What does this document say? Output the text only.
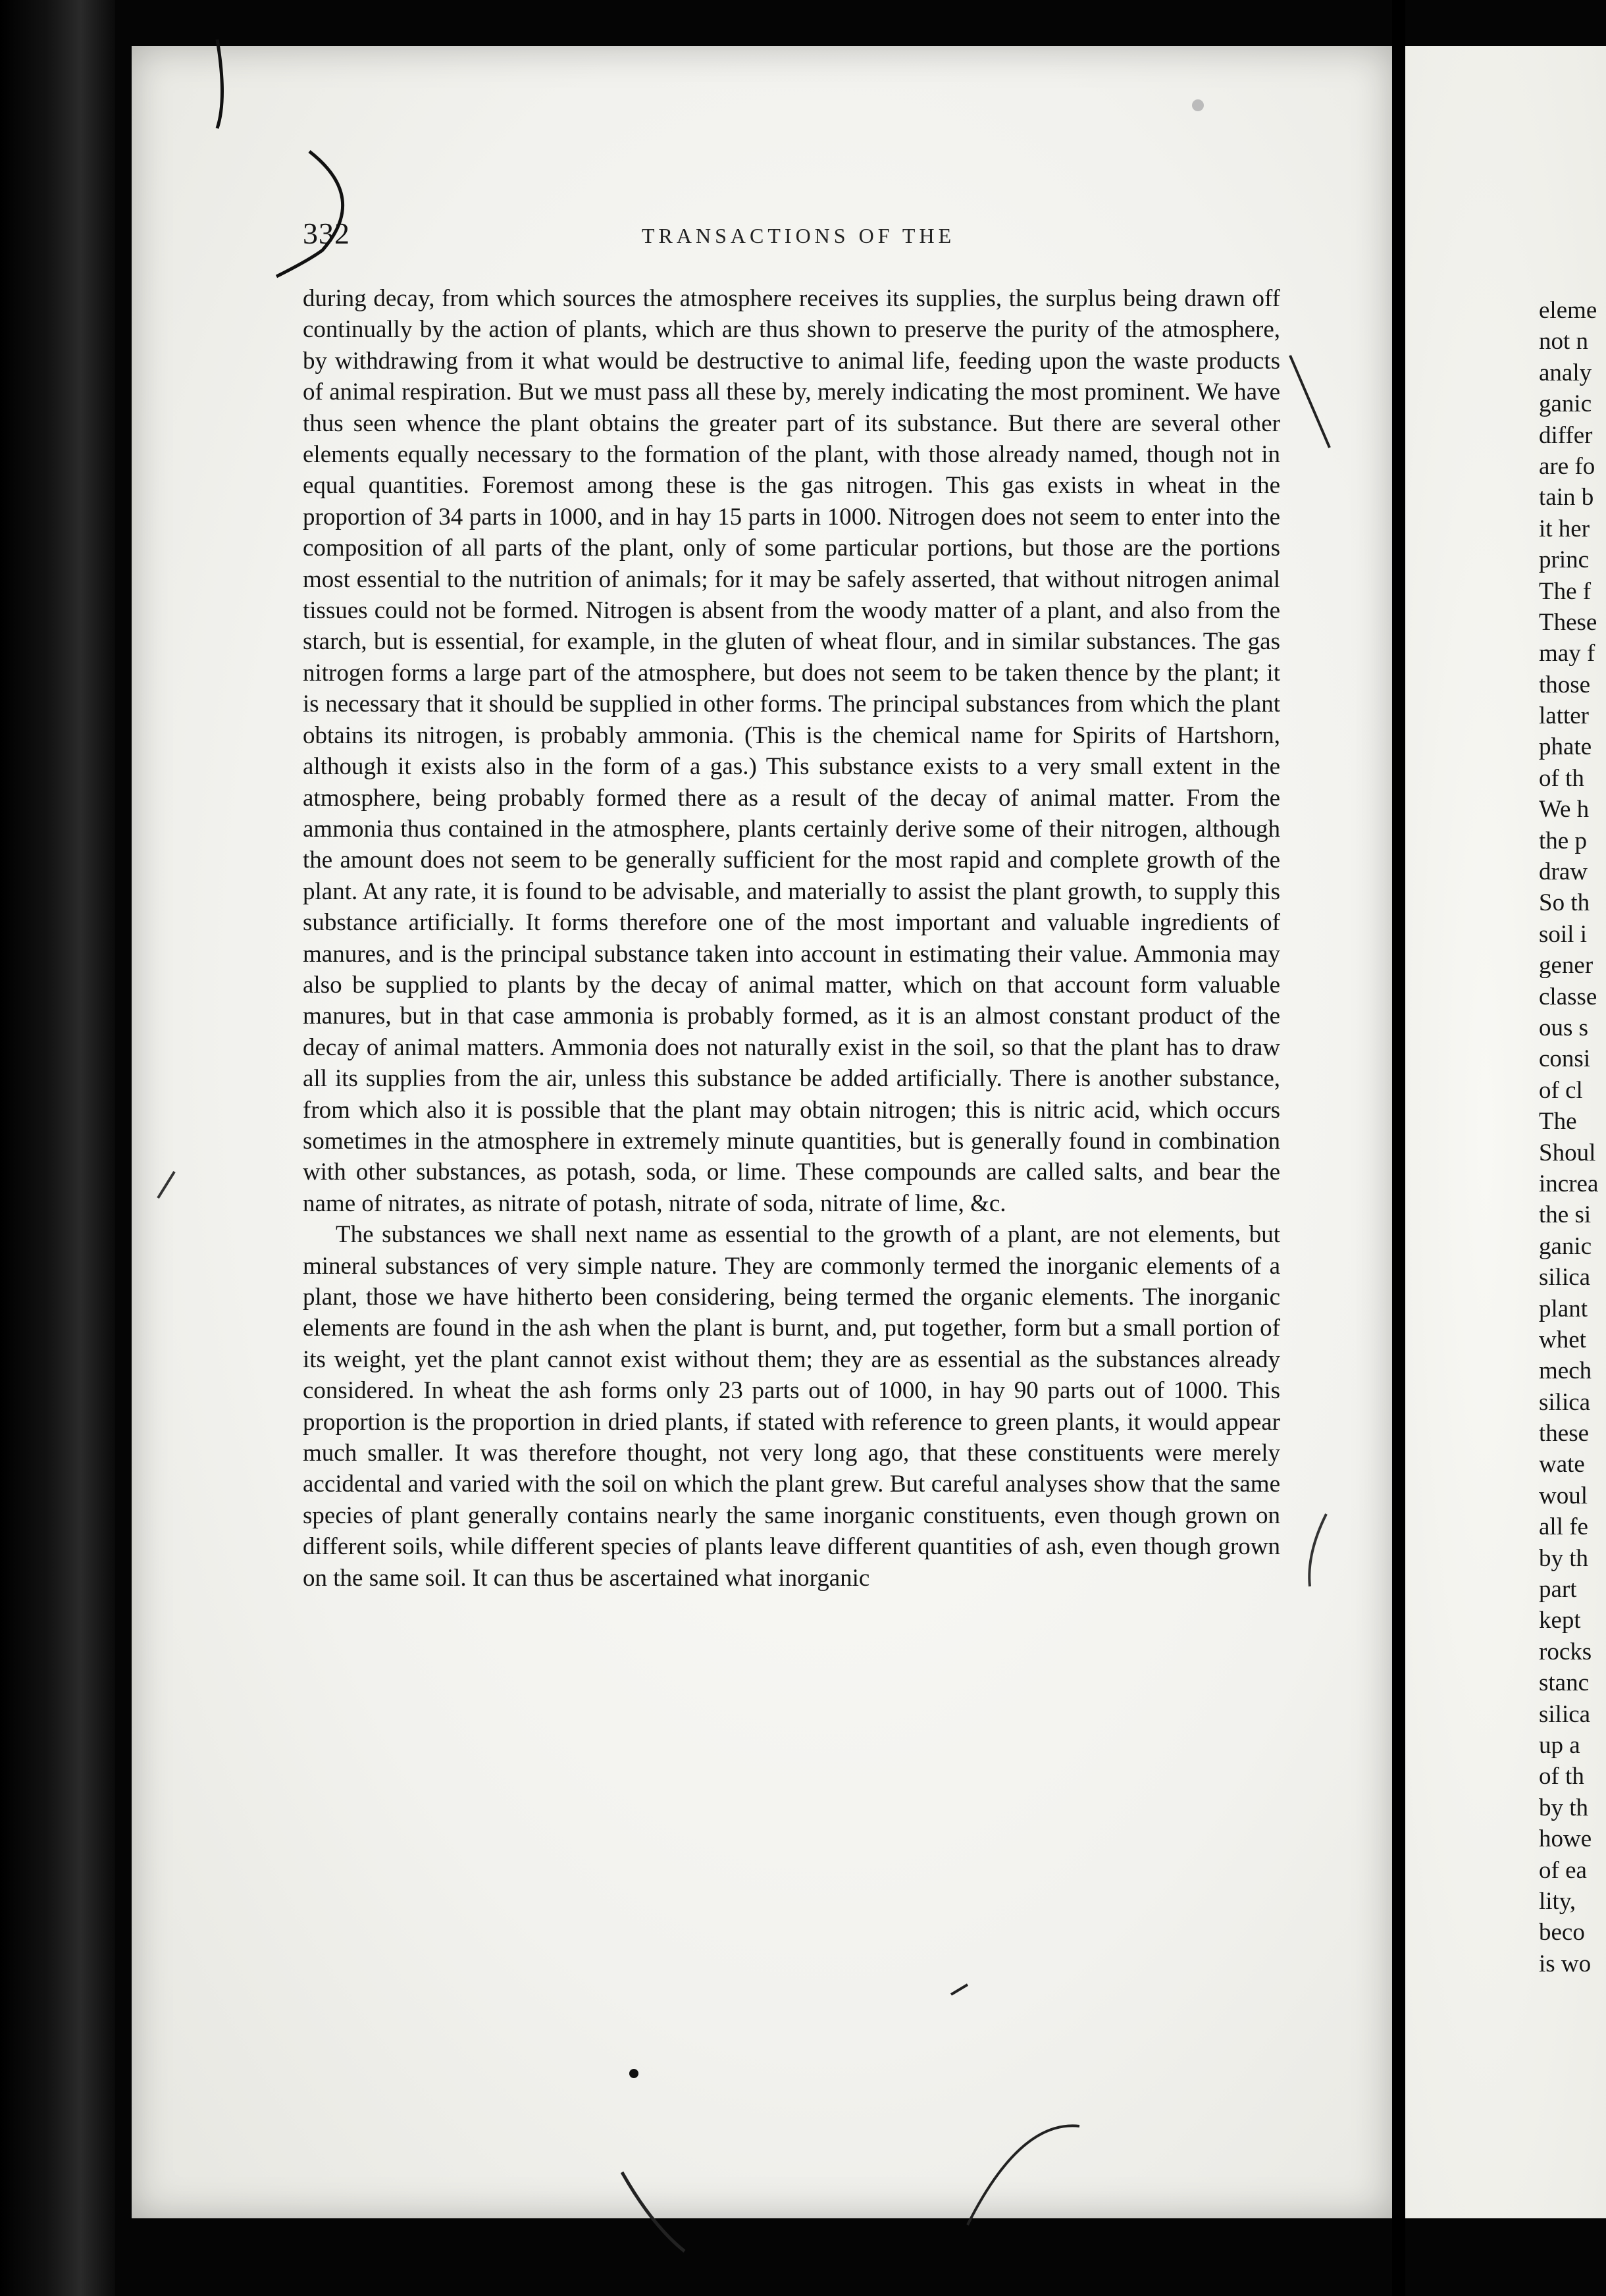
332	TRANSACTIONS OF THE

during decay, from which sources the atmosphere receives its supplies, the surplus being drawn off continually by the action of plants, which are thus shown to preserve the purity of the atmosphere, by withdrawing from it what would be destructive to animal life, feeding upon the waste products of animal respiration. But we must pass all these by, merely indicating the most prominent. We have thus seen whence the plant obtains the greater part of its substance. But there are several other elements equally necessary to the formation of the plant, with those already named, though not in equal quantities. Foremost among these is the gas nitrogen. This gas exists in wheat in the proportion of 34 parts in 1000, and in hay 15 parts in 1000. Nitrogen does not seem to enter into the composition of all parts of the plant, only of some particular portions, but those are the portions most essential to the nutrition of animals; for it may be safely asserted, that without nitrogen animal tissues could not be formed. Nitrogen is absent from the woody matter of a plant, and also from the starch, but is essential, for example, in the gluten of wheat flour, and in similar substances. The gas nitrogen forms a large part of the atmosphere, but does not seem to be taken thence by the plant; it is necessary that it should be supplied in other forms. The principal substances from which the plant obtains its nitrogen, is probably ammonia. (This is the chemical name for Spirits of Hartshorn, although it exists also in the form of a gas.) This substance exists to a very small extent in the atmosphere, being probably formed there as a result of the decay of animal matter. From the ammonia thus contained in the atmosphere, plants certainly derive some of their nitrogen, although the amount does not seem to be generally sufficient for the most rapid and complete growth of the plant. At any rate, it is found to be advisable, and materially to assist the plant growth, to supply this substance artificially. It forms therefore one of the most important and valuable ingredients of manures, and is the principal substance taken into account in estimating their value. Ammonia may also be supplied to plants by the decay of animal matter, which on that account form valuable manures, but in that case ammonia is probably formed, as it is an almost constant product of the decay of animal matters. Ammonia does not naturally exist in the soil, so that the plant has to draw all its supplies from the air, unless this substance be added artificially. There is another substance, from which also it is possible that the plant may obtain nitrogen; this is nitric acid, which occurs sometimes in the atmosphere in extremely minute quantities, but is generally found in combination with other substances, as potash, soda, or lime. These compounds are called salts, and bear the name of nitrates, as nitrate of potash, nitrate of soda, nitrate of lime, &c.

The substances we shall next name as essential to the growth of a plant, are not elements, but mineral substances of very simple nature. They are commonly termed the inorganic elements of a plant, those we have hitherto been considering, being termed the organic elements. The inorganic elements are found in the ash when the plant is burnt, and, put together, form but a small portion of its weight, yet the plant cannot exist without them; they are as essential as the substances already considered. In wheat the ash forms only 23 parts out of 1000, in hay 90 parts out of 1000. This proportion is the proportion in dried plants, if stated with reference to green plants, it would appear much smaller. It was therefore thought, not very long ago, that these constituents were merely accidental and varied with the soil on which the plant grew. But careful analyses show that the same species of plant generally contains nearly the same inorganic constituents, even though grown on different soils, while different species of plants leave different quantities of ash, even though grown on the same soil. It can thus be ascertained what inorganic

eleme
not n
analy
ganic
differ
are fo
tain b
it her
princ
The f
These
may f
those
latter
phate
of th
We h
the p
draw
So th
soil i
gener
classe
ous s
consi
of cl
The
Shoul
increa
the si
ganic
silica
plant
whet
mech
silica
these
wate
woul
all fe
by th
part
kept
rocks
stanc
silica
up a
of th
by th
howe
of ea
lity,
beco
is wo
